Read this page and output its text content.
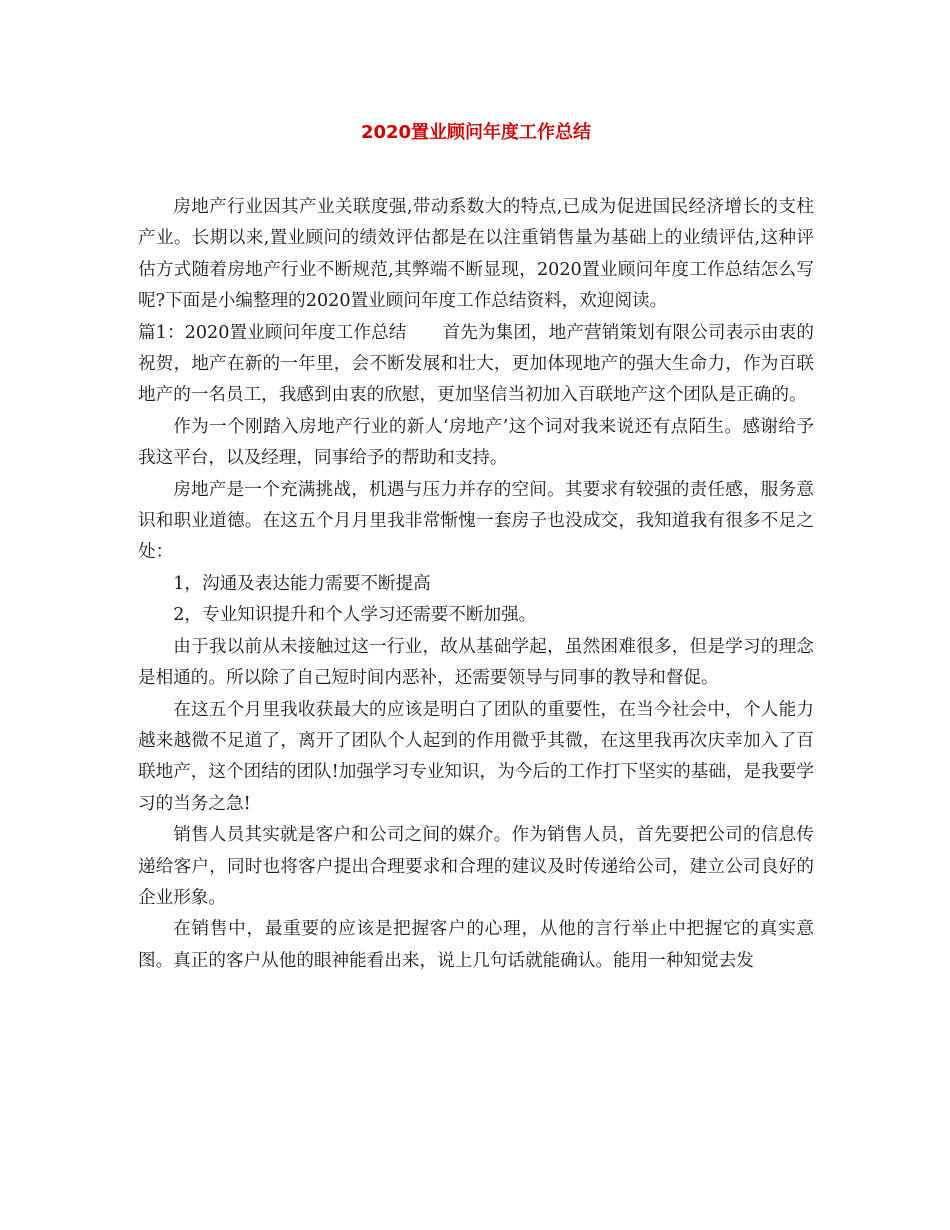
2020置业顾问年度工作总结

房地产行业因其产业关联度强,带动系数大的特点,已成为促进国民经济增长的支柱产业。长期以来,置业顾问的绩效评估都是在以注重销售量为基础上的业绩评估,这种评估方式随着房地产行业不断规范,其弊端不断显现，2020置业顾问年度工作总结怎么写呢?下面是小编整理的2020置业顾问年度工作总结资料，欢迎阅读。

篇1：2020置业顾问年度工作总结 首先为集团，地产营销策划有限公司表示由衷的祝贺，地产在新的一年里，会不断发展和壮大，更加体现地产的强大生命力，作为百联地产的一名员工，我感到由衷的欣慰，更加坚信当初加入百联地产这个团队是正确的。

作为一个刚踏入房地产行业的新人‘房地产’这个词对我来说还有点陌生。感谢给予我这平台，以及经理，同事给予的帮助和支持。

房地产是一个充满挑战，机遇与压力并存的空间。其要求有较强的责任感，服务意识和职业道德。在这五个月月里我非常惭愧一套房子也没成交，我知道我有很多不足之处：

1，沟通及表达能力需要不断提高

2，专业知识提升和个人学习还需要不断加强。

由于我以前从未接触过这一行业，故从基础学起，虽然困难很多，但是学习的理念是相通的。所以除了自己短时间内恶补，还需要领导与同事的教导和督促。

在这五个月里我收获最大的应该是明白了团队的重要性，在当今社会中，个人能力越来越微不足道了，离开了团队个人起到的作用微乎其微，在这里我再次庆幸加入了百联地产，这个团结的团队!加强学习专业知识，为今后的工作打下坚实的基础，是我要学习的当务之急!

销售人员其实就是客户和公司之间的媒介。作为销售人员，首先要把公司的信息传递给客户，同时也将客户提出合理要求和合理的建议及时传递给公司，建立公司良好的企业形象。

在销售中，最重要的应该是把握客户的心理，从他的言行举止中把握它的真实意图。真正的客户从他的眼神能看出来，说上几句话就能确认。能用一种知觉去发
